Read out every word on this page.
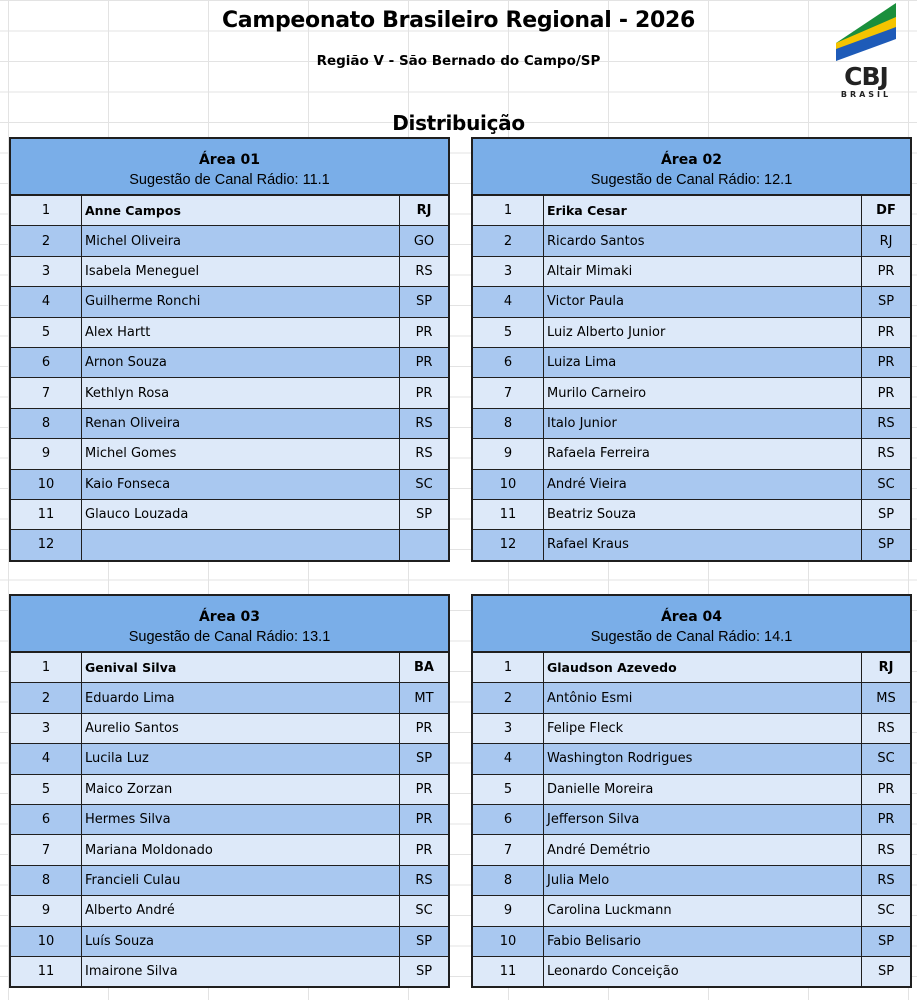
Campeonato Brasileiro Regional - 2026
Região V - São Bernado do Campo/SP
Distribuição
CBJ
BRASIL
Área 01
Sugestão de Canal Rádio: 11.1
1	Anne Campos	RJ
2	Michel Oliveira	GO
3	Isabela Meneguel	RS
4	Guilherme Ronchi	SP
5	Alex Hartt	PR
6	Arnon Souza	PR
7	Kethlyn Rosa	PR
8	Renan Oliveira	RS
9	Michel Gomes	RS
10	Kaio Fonseca	SC
11	Glauco Louzada	SP
12
Área 02
Sugestão de Canal Rádio: 12.1
1	Erika Cesar	DF
2	Ricardo Santos	RJ
3	Altair Mimaki	PR
4	Victor Paula	SP
5	Luiz Alberto Junior	PR
6	Luiza Lima	PR
7	Murilo Carneiro	PR
8	Italo Junior	RS
9	Rafaela Ferreira	RS
10	André Vieira	SC
11	Beatriz Souza	SP
12	Rafael Kraus	SP
Área 03
Sugestão de Canal Rádio: 13.1
1	Genival Silva	BA
2	Eduardo Lima	MT
3	Aurelio Santos	PR
4	Lucila Luz	SP
5	Maico Zorzan	PR
6	Hermes Silva	PR
7	Mariana Moldonado	PR
8	Francieli Culau	RS
9	Alberto André	SC
10	Luís Souza	SP
11	Imairone Silva	SP
Área 04
Sugestão de Canal Rádio: 14.1
1	Glaudson Azevedo	RJ
2	Antônio Esmi	MS
3	Felipe Fleck	RS
4	Washington Rodrigues	SC
5	Danielle Moreira	PR
6	Jefferson Silva	PR
7	André Demétrio	RS
8	Julia Melo	RS
9	Carolina Luckmann	SC
10	Fabio Belisario	SP
11	Leonardo Conceição	SP
